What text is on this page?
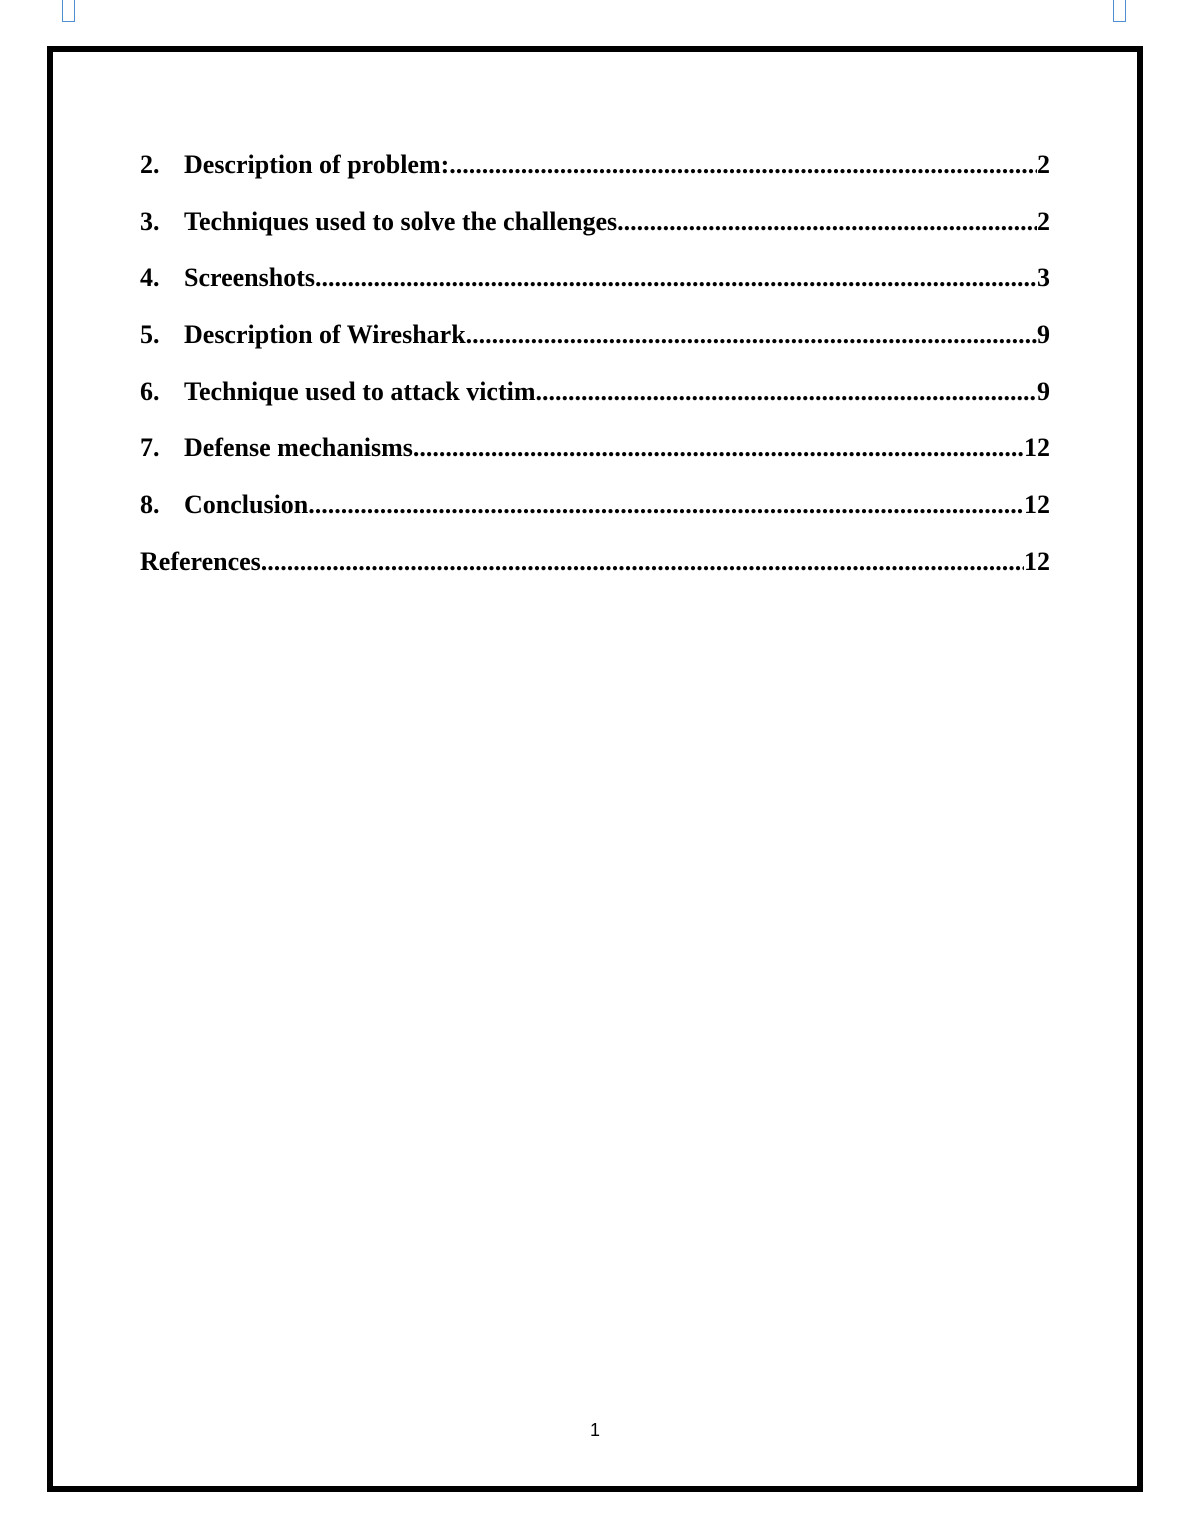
2. Description of problem: .....	2
3. Techniques used to solve the challenges .....	2
4. Screenshots .....	3
5. Description of Wireshark .....	9
6. Technique used to attack victim .....	9
7. Defense mechanisms .....	12
8. Conclusion .....	12
References .....	12
1
